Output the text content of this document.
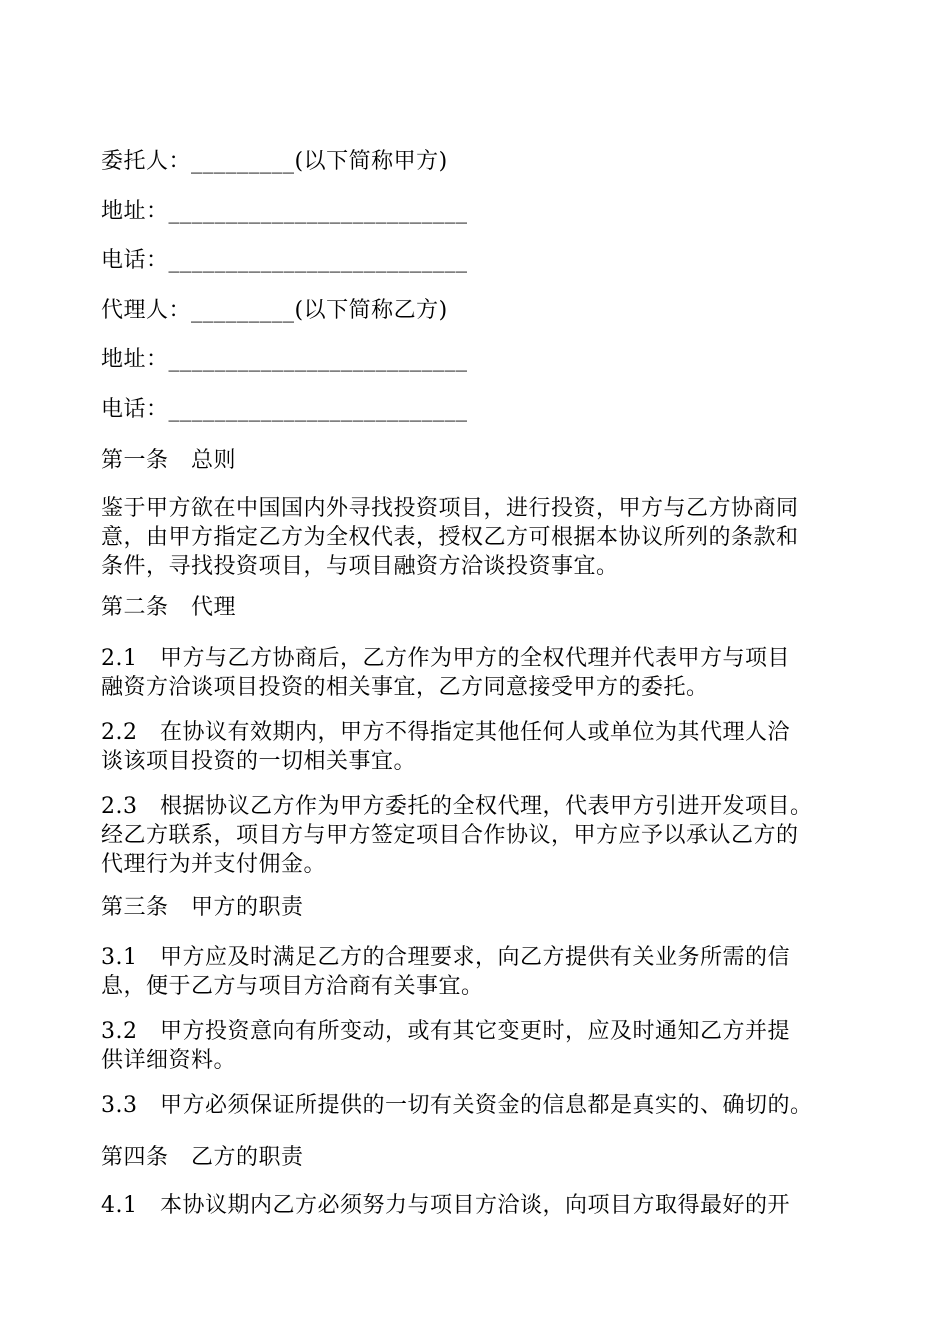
委托人：_________(以下简称甲方)
地址：__________________________
电话：__________________________
代理人：_________(以下简称乙方)
地址：__________________________
电话：__________________________
第一条　总则
鉴于甲方欲在中国国内外寻找投资项目，进行投资，甲方与乙方协商同
意，由甲方指定乙方为全权代表，授权乙方可根据本协议所列的条款和
条件，寻找投资项目，与项目融资方洽谈投资事宜。
第二条　代理
2.1　甲方与乙方协商后，乙方作为甲方的全权代理并代表甲方与项目
融资方洽谈项目投资的相关事宜，乙方同意接受甲方的委托。
2.2　在协议有效期内，甲方不得指定其他任何人或单位为其代理人洽
谈该项目投资的一切相关事宜。
2.3　根据协议乙方作为甲方委托的全权代理，代表甲方引进开发项目。
经乙方联系，项目方与甲方签定项目合作协议，甲方应予以承认乙方的
代理行为并支付佣金。
第三条　甲方的职责
3.1　甲方应及时满足乙方的合理要求，向乙方提供有关业务所需的信
息，便于乙方与项目方洽商有关事宜。
3.2　甲方投资意向有所变动，或有其它变更时，应及时通知乙方并提
供详细资料。
3.3　甲方必须保证所提供的一切有关资金的信息都是真实的、确切的。
第四条　乙方的职责
4.1　本协议期内乙方必须努力与项目方洽谈，向项目方取得最好的开
